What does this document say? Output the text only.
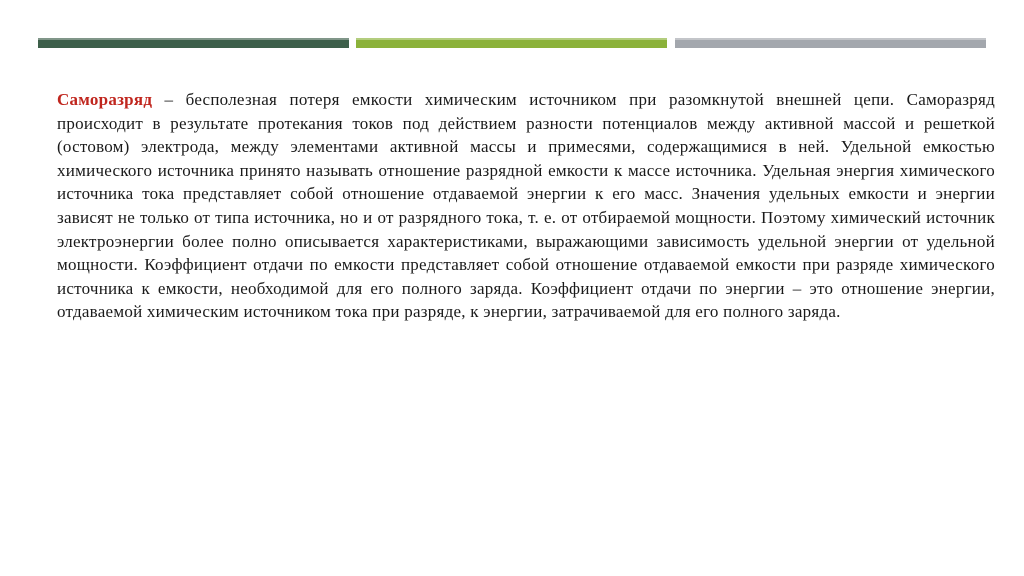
Саморазряд – бесполезная потеря емкости химическим источником при разомкнутой внешней цепи. Саморазряд происходит в результате протекания токов под действием разности потенциалов между активной массой и решеткой (остовом) электрода, между элементами активной массы и примесями, содержащимися в ней. Удельной емкостью химического источника принято называть отношение разрядной емкости к массе источника. Удельная энергия химического источника тока представляет собой отношение отдаваемой энергии к его масс. Значения удельных емкости и энергии зависят не только от типа источника, но и от разрядного тока, т. е. от отбираемой мощности. Поэтому химический источник электроэнергии более полно описывается характеристиками, выражающими зависимость удельной энергии от удельной мощности. Коэффициент отдачи по емкости представляет собой отношение отдаваемой емкости при разряде химического источника к емкости, необходимой для его полного заряда. Коэффициент отдачи по энергии – это отношение энергии, отдаваемой химическим источником тока при разряде, к энергии, затрачиваемой для его полного заряда.
